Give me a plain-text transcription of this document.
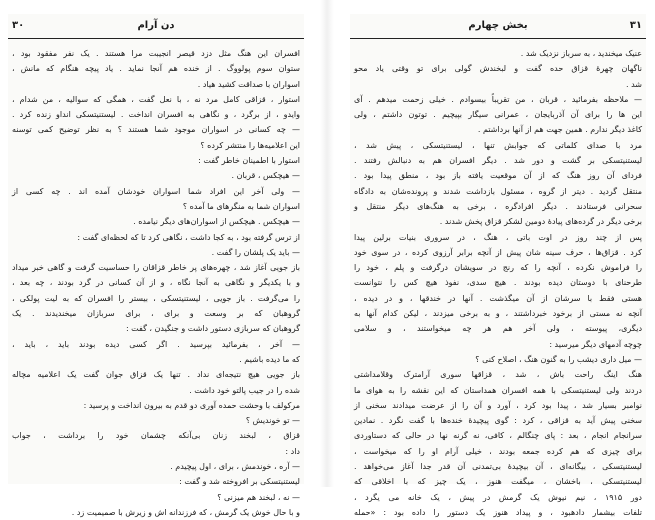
۳۰	دن آرام
افسران این هنگ مثل دزد قیصر انجیبت مرا هستند . یک نفر مفقود بود ،
ستوان سوم پولووگ . از خنده هم آنجا نماید . یاد پیچه هنگام که مانش ،
اسواران با صداقت کشید هیاد .
استوار ، قزاقی کامل مرد نه ، با نعل گفت ، همگی که سوالیه ، من شدام ،
وایدو ، از برگرد ، و نگاهی به افسران انداخت . لیستنیتسکی انداو زنده کرد .
— چه کسانی در اسواران موجود شما هستند ؟ به نظر توضیح کمی توسنه
این اعلامیه‌ها را منتشر کرده ؟
استوار با اطمینان خاطر گفت :
— هیچکس ، قربان .
— ولی آخر این افراد شما اسواران خودشان آمده اند . چه کسی از
اسواران شما به منگرهای ما آمده ؟
— هیچکس . هیچکس از اسواران‌های دیگر نیامده .
از ترس گرفته بود ، به کجا داشت ، نگاهی کرد تا که لحظه‌ای گفت :
— باید یک پلشان را گفت .
باز جویی آغاز شد ، چهره‌های پر خاطر قزاقان را حساسیت گرفت و گاهی خبر میداد
و با یکدیگر و نگاهی به آنجا نگاه ، و از آن کسانی در گرد بودند ، چه بعد ،
را می‌گرفت . باز جویی ، لیستنیتسکی ، بیستر را افسران که به لیت پولکی ،
گروهبان که بر وسعت و برای ، برای سربازان میخندیدند . یک
گروهبان که سربازی دستور داشت و جنگیدن ، گفت :
— آخر ، بفرمائید بپرسید . اگر کسی دیده بودند باید ، باید ،
که ما دیده باشیم .
باز جویی هیچ نتیجه‌ای نداد . تنها یک قزاق جوان گفت یک اعلامیه مچاله
شده را در جیب پالتو خود داشت .
مرکولف با وحشت حمده آوری دو قدم به بیرون انداخت و پرسید :
— تو خوندیش ؟
قزاق ، لبخند زنان بی‌آنکه چشمان خود را برداشت ، جواب
داد :
— آره ، خوندمش ، برای ، اول پیچیدم .
لیستنیتسکی بر افروخته شد و گفت :
— نه ، لبخند هم میزنی ؟
و با حال خوش یک گرمش ، که فرزندانه اش و زیرش با صمیمیت زد .
۳۱
بخش چهارم
عنیک میخندید ، به سرباز نزدیک شد .
ناگهان چهرهٔ قزاق حده گفت و لبخندش گولی برای تو وقتی یاد محو
شد .
— ملاحظه بفرمائید ، قربان ، من تقریباً بیسوادم . خیلی زحمت میدهم . آی
این ها را برای آن آذربایجان ، عمرانی سیگار بپیچیم . توتون داشتم ، ولی
کاغذ دیگر ندارم . همین جهت هم از آنها برداشتم .
مرد با صدای کلماتی که جوابش تنها ، لیستنیتسکی ، پیش شد ،
لیستنیتسکی بر گشت و دور شد . دیگر افسران هم به دنبالش رفتند .
فردای آن روز هنگ که از آن موقعیت یافته باز بود ، منطق پیدا بود .
منتقل گردید . دیتر از گروه ، مسئول بازداشت شدند و پرونده‌شان به دادگاه
سحرانی فرستادند . دیگر افرادگره ، برخی به هنگ‌های دیگر منتقل و
برخی دیگر در گرده‌های پیادهٔ دومین لشکر قزاق پخش شدند .
پس از چند روز در اوت باتی ، هنگ ، در سروری بنیات برلین پیدا
کرد . قزاق‌ها ، حرف سینه شان پیش از آنچه برابر آرزوی کرده ، در سوی خود
را فراموش نکرده ، آنچه را که رنج در سویشان درگرفت و پلم ، خود را
طرحنای با دوستان دیده بودند . هیچ سدی، نفوذ هیچ کس را نتوانست
هستی فقط با سرشان از آن میگذشت . آنها در خندقها ، و در دیده ،
آنچه نه مستی از برخود خبرداشتند ، و به برخی میزدند ، لیکن کدام آنها به
دیگری، پیوسته ، ولی آخر هم هر چه میخواستند ، و سلامی
چوچه آدمهای دیگر میرسید :
— میل داری دیشب را به گنون هنگ ، اصلاح کنی ؟
هنگ اینگ راحت باش ، شد ، قزاقها سوری آرامترک وقلامداشتی
دردند ولی لیستنیتسکی با همه افسران همداستان که این نقشه را به هوای ما
نوامبر بسیار شد ، پیدا بود کرد ، آورد و آن را از عرضت میدادند سخنی از
سخنی پیش آید به قزاقی ، کرد : گوی پیچیدهٔ خنده‌ها با گفت نگرد . نمادین
سرانجام انجام ، بعد : پای چنگالم ، کافی، نه گرنه نها در حالی که دستاوردی
برای چیزی که هم کرده جمعه بودند ، خیلی آرام او را که میخواست ،
لیستنیتسکی ، بیگانه‌ای ، آن بیچیدهٔ بی‌تمدنی آن قدر جدا آغاز می‌خواهد .
لیستنیتسکی ، باخشان ، میگفت هنوز ، یک چیز که با اخلاقی که
دور ۱۹۱۵ ، نیم نیوش یک گرمش در پیش ، یک خانه می یگرد ،
تلفات بیشمار دادهبود ، و پیداد هنوز یک دستور را داده بود : «حمله
